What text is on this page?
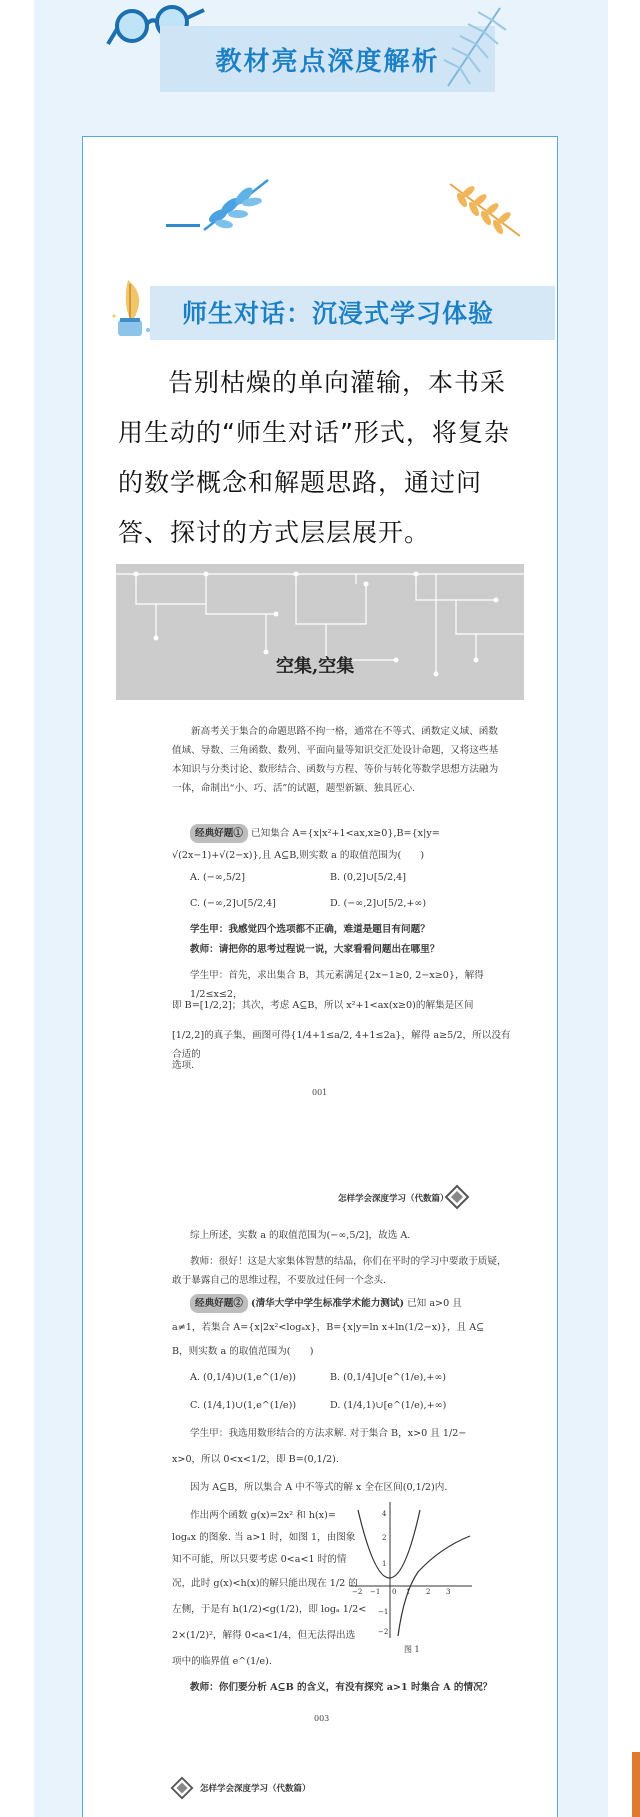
教材亮点深度解析
师生对话：沉浸式学习体验

告别枯燥的单向灌输，本书采用生动的“师生对话”形式，将复杂的数学概念和解题思路，通过问答、探讨的方式层层展开。

空集,空集
新高考关于集合的命题思路不拘一格，通常在不等式、函数定义域、函数值域、导数、三角函数、数列、平面向量等知识交汇处设计命题，又将这些基本知识与分类讨论、数形结合、函数与方程、等价与转化等数学思想方法融为一体，命制出“小、巧、活”的试题，题型新颖、独具匠心.
经典好题① 已知集合 A={x|x²+1<ax,x≥0},B={x|y=
√(2x−1)+√(2−x)},且 A⊆B,则实数 a 的取值范围为(　　)
A. (−∞,5/2]	B. (0,2]∪[5/2,4]
C. (−∞,2]∪[5/2,4]	D. (−∞,2]∪[5/2,+∞)
学生甲：我感觉四个选项都不正确，难道是题目有问题？
教师：请把你的思考过程说一说，大家看看问题出在哪里？
学生甲：首先，求出集合 B，其元素满足{2x−1≥0, 2−x≥0}，解得 1/2≤x≤2，
即 B=[1/2,2]；其次，考虑 A⊆B，所以 x²+1<ax(x≥0)的解集是区间
[1/2,2]的真子集，画图可得{1/4+1≤a/2, 4+1≤2a}，解得 a≥5/2，所以没有合适的
选项.
001
怎样学会深度学习（代数篇）
综上所述，实数 a 的取值范围为(−∞,5/2]，故选 A.
教师：很好！这是大家集体智慧的结晶，你们在平时的学习中要敢于质疑，敢于暴露自己的思维过程，不要放过任何一个念头.
经典好题② (清华大学中学生标准学术能力测试) 已知 a>0 且
a≠1，若集合 A={x|2x²<logₐx}，B={x|y=ln x+ln(1/2−x)}，且 A⊆
B，则实数 a 的取值范围为(　　)
A. (0,1/4)∪(1,e^(1/e))	B. (0,1/4]∪[e^(1/e),+∞)
C. (1/4,1)∪(1,e^(1/e))	D. (1/4,1)∪[e^(1/e),+∞)
学生甲：我选用数形结合的方法求解. 对于集合 B，x>0 且 1/2−
x>0，所以 0<x<1/2，即 B=(0,1/2).
因为 A⊆B，所以集合 A 中不等式的解 x 全在区间(0,1/2)内.
作出两个函数 g(x)=2x² 和 h(x)=
logₐx 的图象. 当 a>1 时，如图 1，由图象
知不可能，所以只要考虑 0<a<1 时的情
况，此时 g(x)<h(x)的解只能出现在 1/2 的
左侧，于是有 h(1/2)<g(1/2)，即 logₐ 1/2<
2×(1/2)²，解得 0<a<1/4，但无法得出选
项中的临界值 e^(1/e).
−2 −1 0 1 2 3
4
2
1
−1
−2
图 1
教师：你们要分析 A⊆B 的含义，有没有探究 a>1 时集合 A 的情况？
003
怎样学会深度学习（代数篇）
